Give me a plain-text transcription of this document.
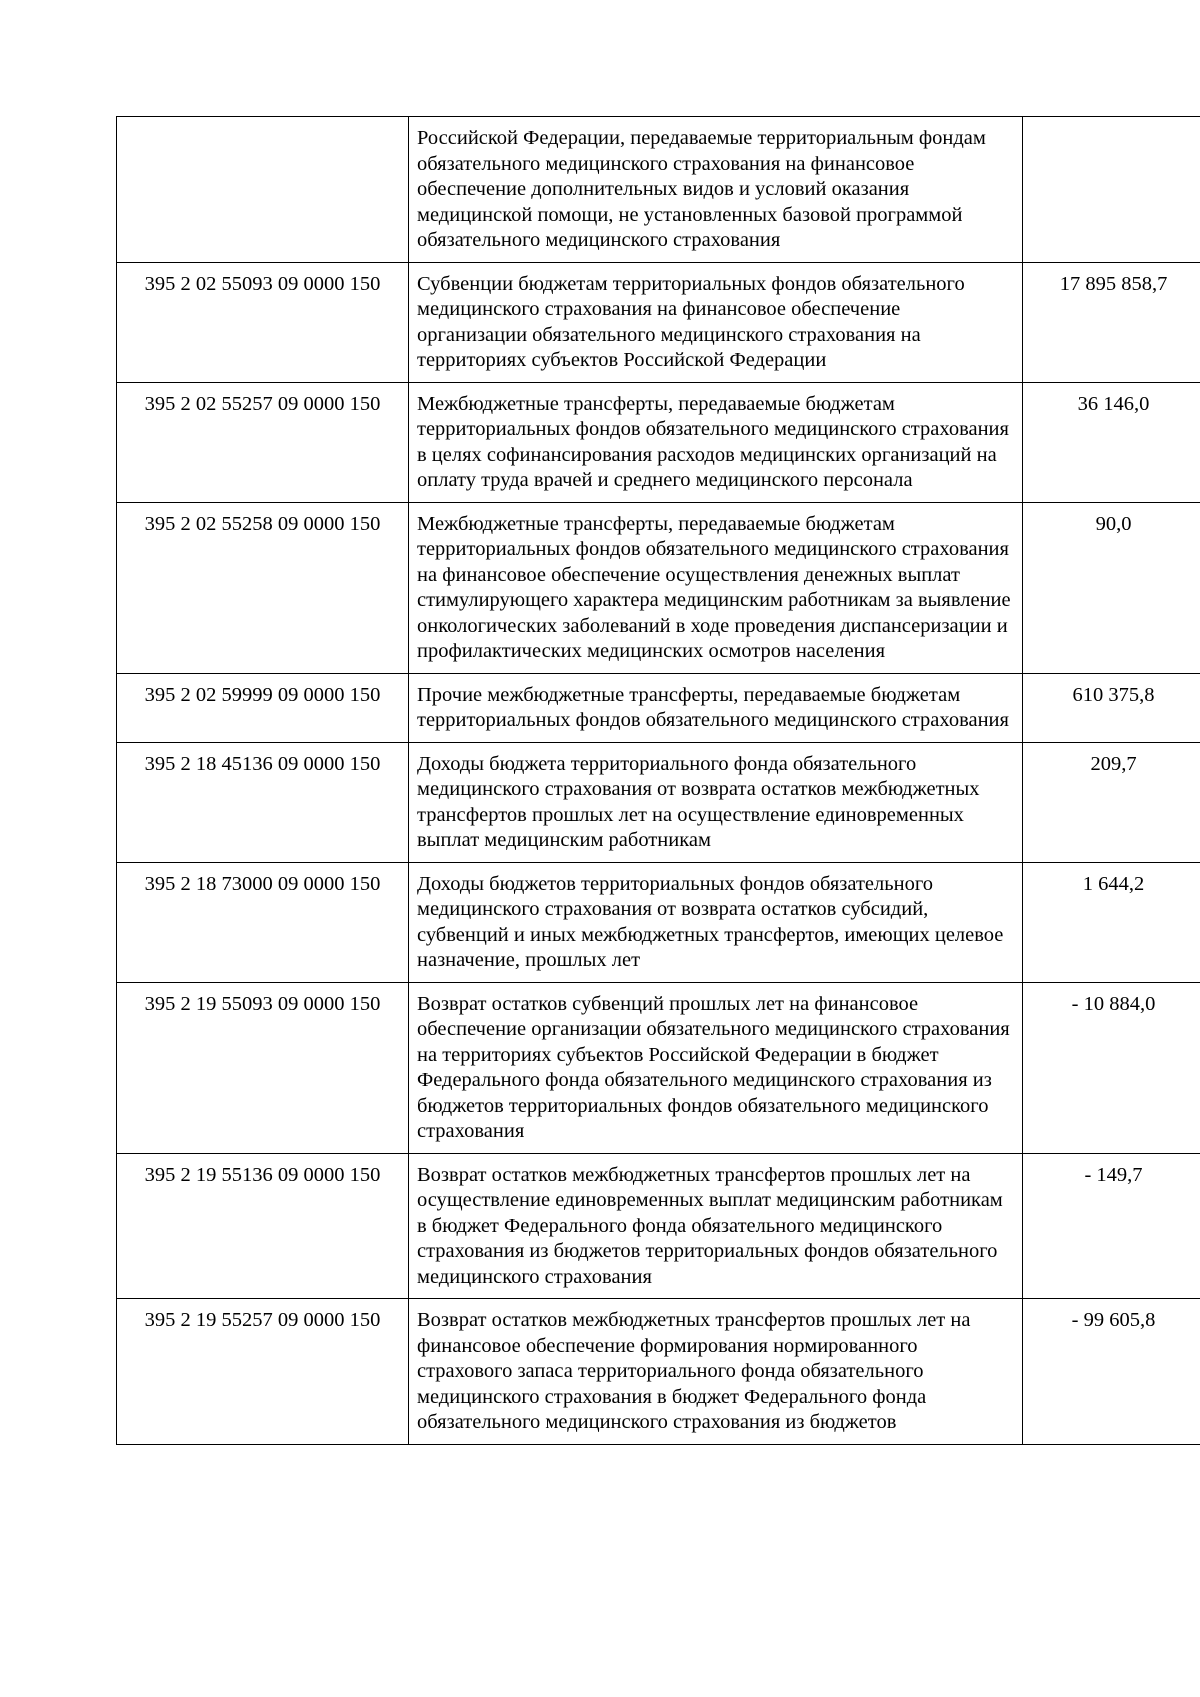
	Российской Федерации, передаваемые территориальным фондам обязательного медицинского страхования на финансовое обеспечение дополнительных видов и условий оказания медицинской помощи, не установленных базовой программой обязательного медицинского страхования	
395 2 02 55093 09 0000 150	Субвенции бюджетам территориальных фондов обязательного медицинского страхования на финансовое обеспечение организации обязательного медицинского страхования на территориях субъектов Российской Федерации	17 895 858,7
395 2 02 55257 09 0000 150	Межбюджетные трансферты, передаваемые бюджетам территориальных фондов обязательного медицинского страхования в целях софинансирования расходов медицинских организаций на оплату труда врачей и среднего медицинского персонала	36 146,0
395 2 02 55258 09 0000 150	Межбюджетные трансферты, передаваемые бюджетам территориальных фондов обязательного медицинского страхования на финансовое обеспечение осуществления денежных выплат стимулирующего характера медицинским работникам за выявление онкологических заболеваний в ходе проведения диспансеризации и профилактических медицинских осмотров населения	90,0
395 2 02 59999 09 0000 150	Прочие межбюджетные трансферты, передаваемые бюджетам территориальных фондов обязательного медицинского страхования	610 375,8
395 2 18 45136 09 0000 150	Доходы бюджета территориального фонда обязательного медицинского страхования от возврата остатков межбюджетных трансфертов прошлых лет на осуществление единовременных выплат медицинским работникам	209,7
395 2 18 73000 09 0000 150	Доходы бюджетов территориальных фондов обязательного медицинского страхования от возврата остатков субсидий, субвенций и иных межбюджетных трансфертов, имеющих целевое назначение, прошлых лет	1 644,2
395 2 19 55093 09 0000 150	Возврат остатков субвенций прошлых лет на финансовое обеспечение организации обязательного медицинского страхования на территориях субъектов Российской Федерации в бюджет Федерального фонда обязательного медицинского страхования из бюджетов территориальных фондов обязательного медицинского страхования	- 10 884,0
395 2 19 55136 09 0000 150	Возврат остатков межбюджетных трансфертов прошлых лет на осуществление единовременных выплат медицинским работникам в бюджет Федерального фонда обязательного медицинского страхования из бюджетов территориальных фондов обязательного медицинского страхования	- 149,7
395 2 19 55257 09 0000 150	Возврат остатков межбюджетных трансфертов прошлых лет на финансовое обеспечение формирования нормированного страхового запаса территориального фонда обязательного медицинского страхования в бюджет Федерального фонда обязательного медицинского страхования из бюджетов	- 99 605,8
